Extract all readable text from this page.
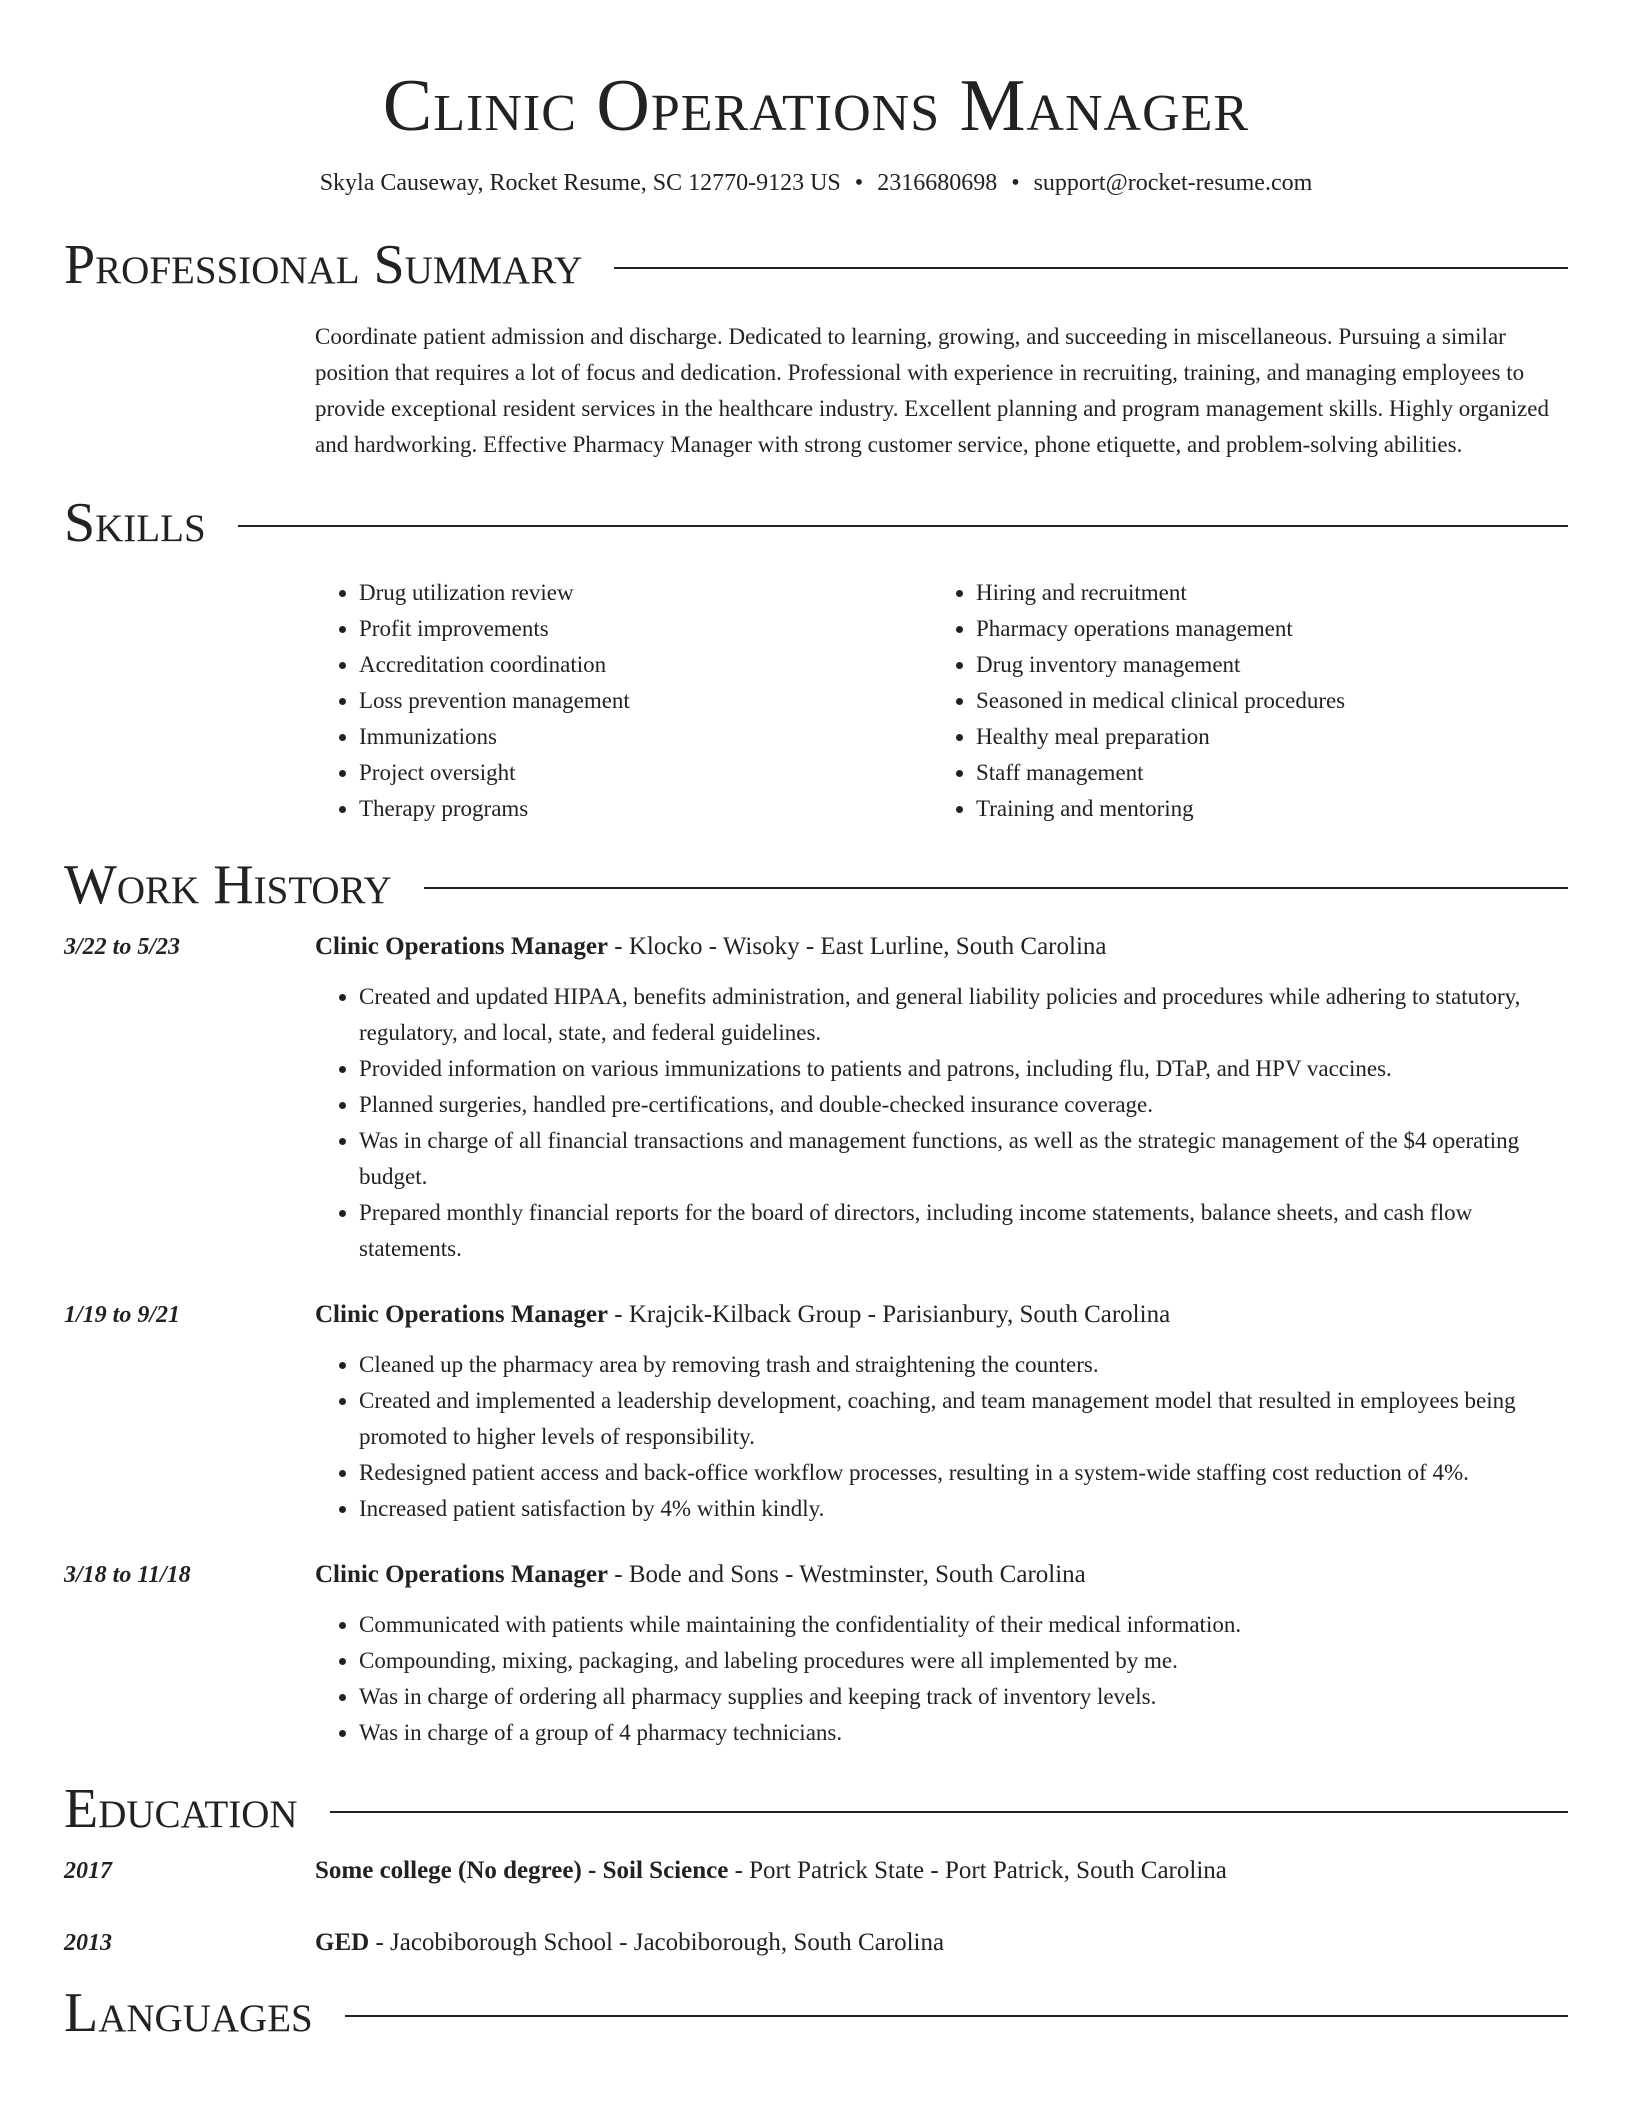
Clinic Operations Manager
Skyla Causeway, Rocket Resume, SC 12770-9123 US • 2316680698 • support@rocket-resume.com
Professional Summary
Coordinate patient admission and discharge. Dedicated to learning, growing, and succeeding in miscellaneous. Pursuing a similar position that requires a lot of focus and dedication. Professional with experience in recruiting, training, and managing employees to provide exceptional resident services in the healthcare industry. Excellent planning and program management skills. Highly organized and hardworking. Effective Pharmacy Manager with strong customer service, phone etiquette, and problem-solving abilities.
Skills
• Drug utilization review
• Profit improvements
• Accreditation coordination
• Loss prevention management
• Immunizations
• Project oversight
• Therapy programs
• Hiring and recruitment
• Pharmacy operations management
• Drug inventory management
• Seasoned in medical clinical procedures
• Healthy meal preparation
• Staff management
• Training and mentoring
Work History
3/22 to 5/23	Clinic Operations Manager - Klocko - Wisoky - East Lurline, South Carolina
• Created and updated HIPAA, benefits administration, and general liability policies and procedures while adhering to statutory, regulatory, and local, state, and federal guidelines.
• Provided information on various immunizations to patients and patrons, including flu, DTaP, and HPV vaccines.
• Planned surgeries, handled pre-certifications, and double-checked insurance coverage.
• Was in charge of all financial transactions and management functions, as well as the strategic management of the $4 operating budget.
• Prepared monthly financial reports for the board of directors, including income statements, balance sheets, and cash flow statements.
1/19 to 9/21	Clinic Operations Manager - Krajcik-Kilback Group - Parisianbury, South Carolina
• Cleaned up the pharmacy area by removing trash and straightening the counters.
• Created and implemented a leadership development, coaching, and team management model that resulted in employees being promoted to higher levels of responsibility.
• Redesigned patient access and back-office workflow processes, resulting in a system-wide staffing cost reduction of 4%.
• Increased patient satisfaction by 4% within kindly.
3/18 to 11/18	Clinic Operations Manager - Bode and Sons - Westminster, South Carolina
• Communicated with patients while maintaining the confidentiality of their medical information.
• Compounding, mixing, packaging, and labeling procedures were all implemented by me.
• Was in charge of ordering all pharmacy supplies and keeping track of inventory levels.
• Was in charge of a group of 4 pharmacy technicians.
Education
2017	Some college (No degree) - Soil Science - Port Patrick State - Port Patrick, South Carolina
2013	GED - Jacobiborough School - Jacobiborough, South Carolina
Languages
